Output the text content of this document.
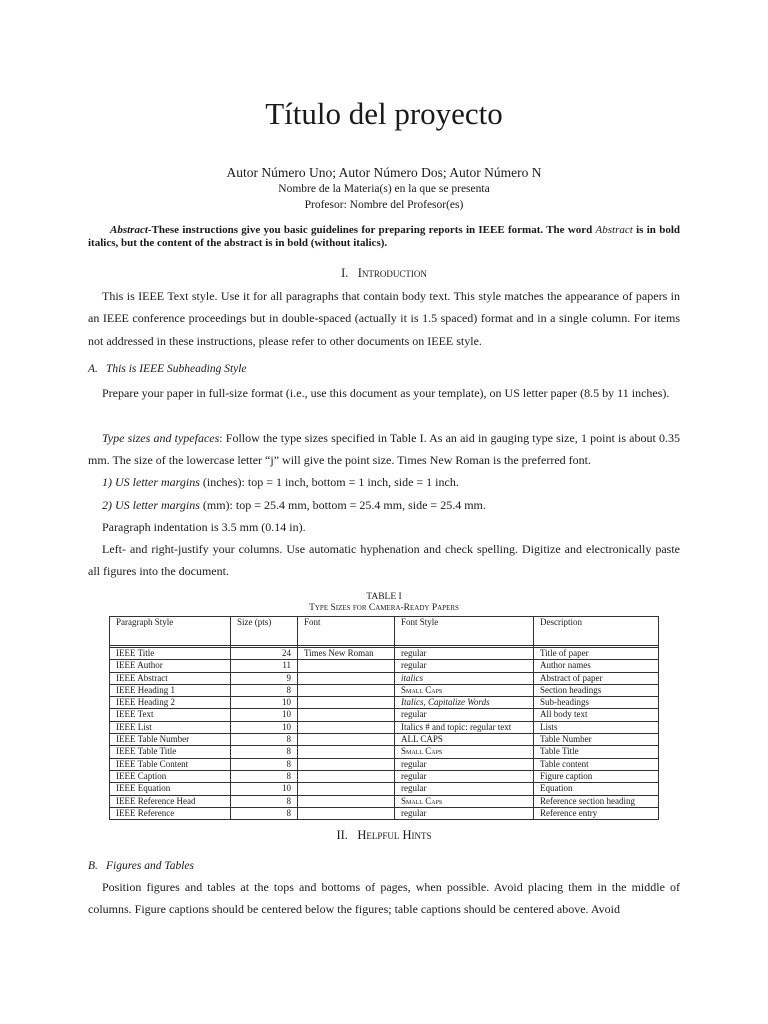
Título del proyecto
Autor Número Uno; Autor Número Dos; Autor Número N
Nombre de la Materia(s) en la que se presenta
Profesor: Nombre del Profesor(es)
Abstract-These instructions give you basic guidelines for preparing reports in IEEE format. The word Abstract is in bold italics, but the content of the abstract is in bold (without italics).
I. Introduction
This is IEEE Text style. Use it for all paragraphs that contain body text. This style matches the appearance of papers in an IEEE conference proceedings but in double-spaced (actually it is 1.5 spaced) format and in a single column. For items not addressed in these instructions, please refer to other documents on IEEE style.
A. This is IEEE Subheading Style
Prepare your paper in full-size format (i.e., use this document as your template), on US letter paper (8.5 by 11 inches).
Type sizes and typefaces: Follow the type sizes specified in Table I. As an aid in gauging type size, 1 point is about 0.35 mm. The size of the lowercase letter “j” will give the point size. Times New Roman is the preferred font.
1) US letter margins (inches): top = 1 inch, bottom = 1 inch, side = 1 inch.
2) US letter margins (mm): top = 25.4 mm, bottom = 25.4 mm, side = 25.4 mm.
Paragraph indentation is 3.5 mm (0.14 in).
Left- and right-justify your columns. Use automatic hyphenation and check spelling. Digitize and electronically paste all figures into the document.
TABLE I
Type Sizes for Camera-Ready Papers
Paragraph Style	Size (pts)	Font	Font Style	Description

IEEE Title	24	Times New Roman	regular	Title of paper
IEEE Author	11		regular	Author names
IEEE Abstract	9		italics	Abstract of paper
IEEE Heading 1	8		Small Caps	Section headings
IEEE Heading 2	10		Italics, Capitalize Words	Sub-headings
IEEE Text	10		regular	All body text
IEEE List	10		Italics # and topic: regular text	Lists
IEEE Table Number	8		ALL CAPS	Table Number
IEEE Table Title	8		Small Caps	Table Title
IEEE Table Content	8		regular	Table content
IEEE Caption	8		regular	Figure caption
IEEE Equation	10		regular	Equation
IEEE Reference Head	8		Small Caps	Reference section heading
IEEE Reference	8		regular	Reference entry
II. Helpful Hints
B. Figures and Tables
Position figures and tables at the tops and bottoms of pages, when possible. Avoid placing them in the middle of columns. Figure captions should be centered below the figures; table captions should be centered above. Avoid
